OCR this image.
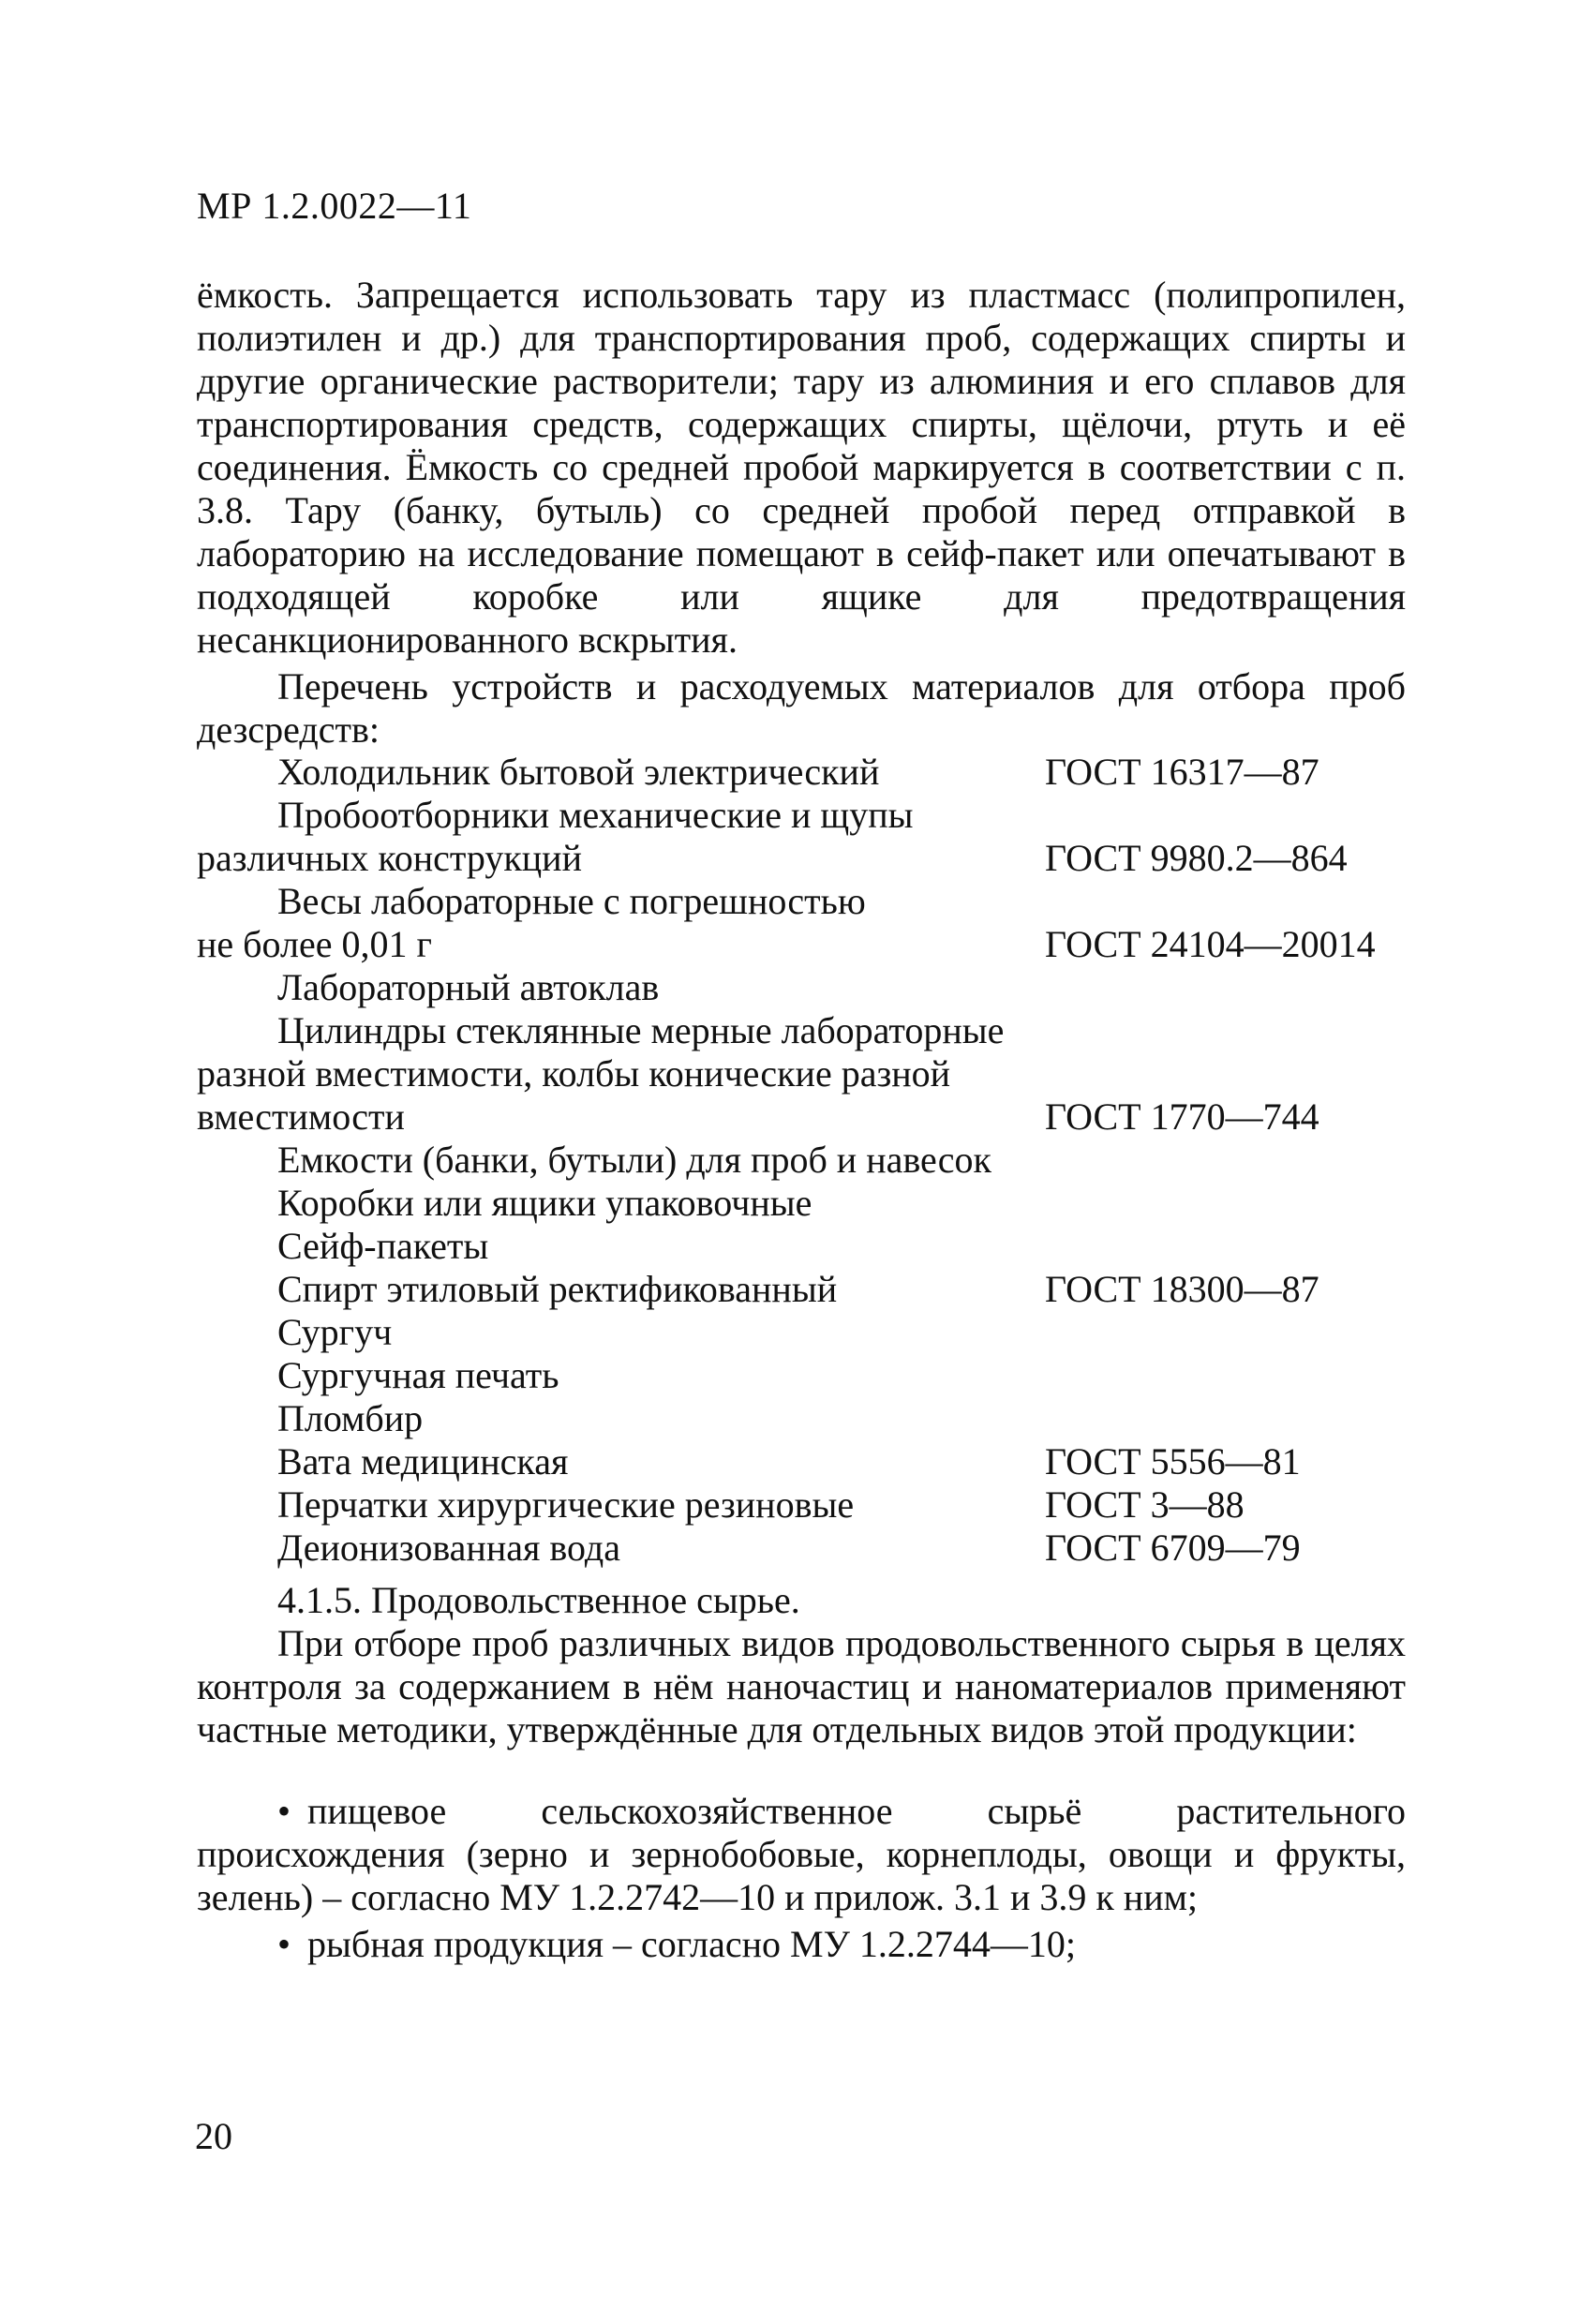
МР 1.2.0022—11

ёмкость. Запрещается использовать тару из пластмасс (полипропилен, полиэтилен и др.) для транспортирования проб, содержащих спирты и другие органические растворители; тару из алюминия и его сплавов для транспортирования средств, содержащих спирты, щёлочи, ртуть и её соединения. Ёмкость со средней пробой маркируется в соответствии с п. 3.8. Тару (банку, бутыль) со средней пробой перед отправкой в лабораторию на исследование помещают в сейф-пакет или опечатывают в подходящей коробке или ящике для предотвращения несанкционированного вскрытия.

Перечень устройств и расходуемых материалов для отбора проб дезсредств:

Холодильник бытовой электрический	ГОСТ 16317—87
Пробоотборники механические и щупы
различных конструкций	ГОСТ 9980.2—864
Весы лабораторные с погрешностью
не более 0,01 г	ГОСТ 24104—20014
Лабораторный автоклав
Цилиндры стеклянные мерные лабораторные
разной вместимости, колбы конические разной
вместимости	ГОСТ 1770—744
Емкости (банки, бутыли) для проб и навесок
Коробки или ящики упаковочные
Сейф-пакеты
Спирт этиловый ректификованный	ГОСТ 18300—87
Сургуч
Сургучная печать
Пломбир
Вата медицинская	ГОСТ 5556—81
Перчатки хирургические резиновые	ГОСТ 3—88
Деионизованная вода	ГОСТ 6709—79

4.1.5. Продовольственное сырье.

При отборе проб различных видов продовольственного сырья в целях контроля за содержанием в нём наночастиц и наноматериалов применяют частные методики, утверждённые для отдельных видов этой продукции:

• пищевое сельскохозяйственное сырьё растительного происхождения (зерно и зернобобовые, корнеплоды, овощи и фрукты, зелень) – согласно МУ 1.2.2742—10 и прилож. 3.1 и 3.9 к ним;

• рыбная продукция – согласно МУ 1.2.2744—10;

20
